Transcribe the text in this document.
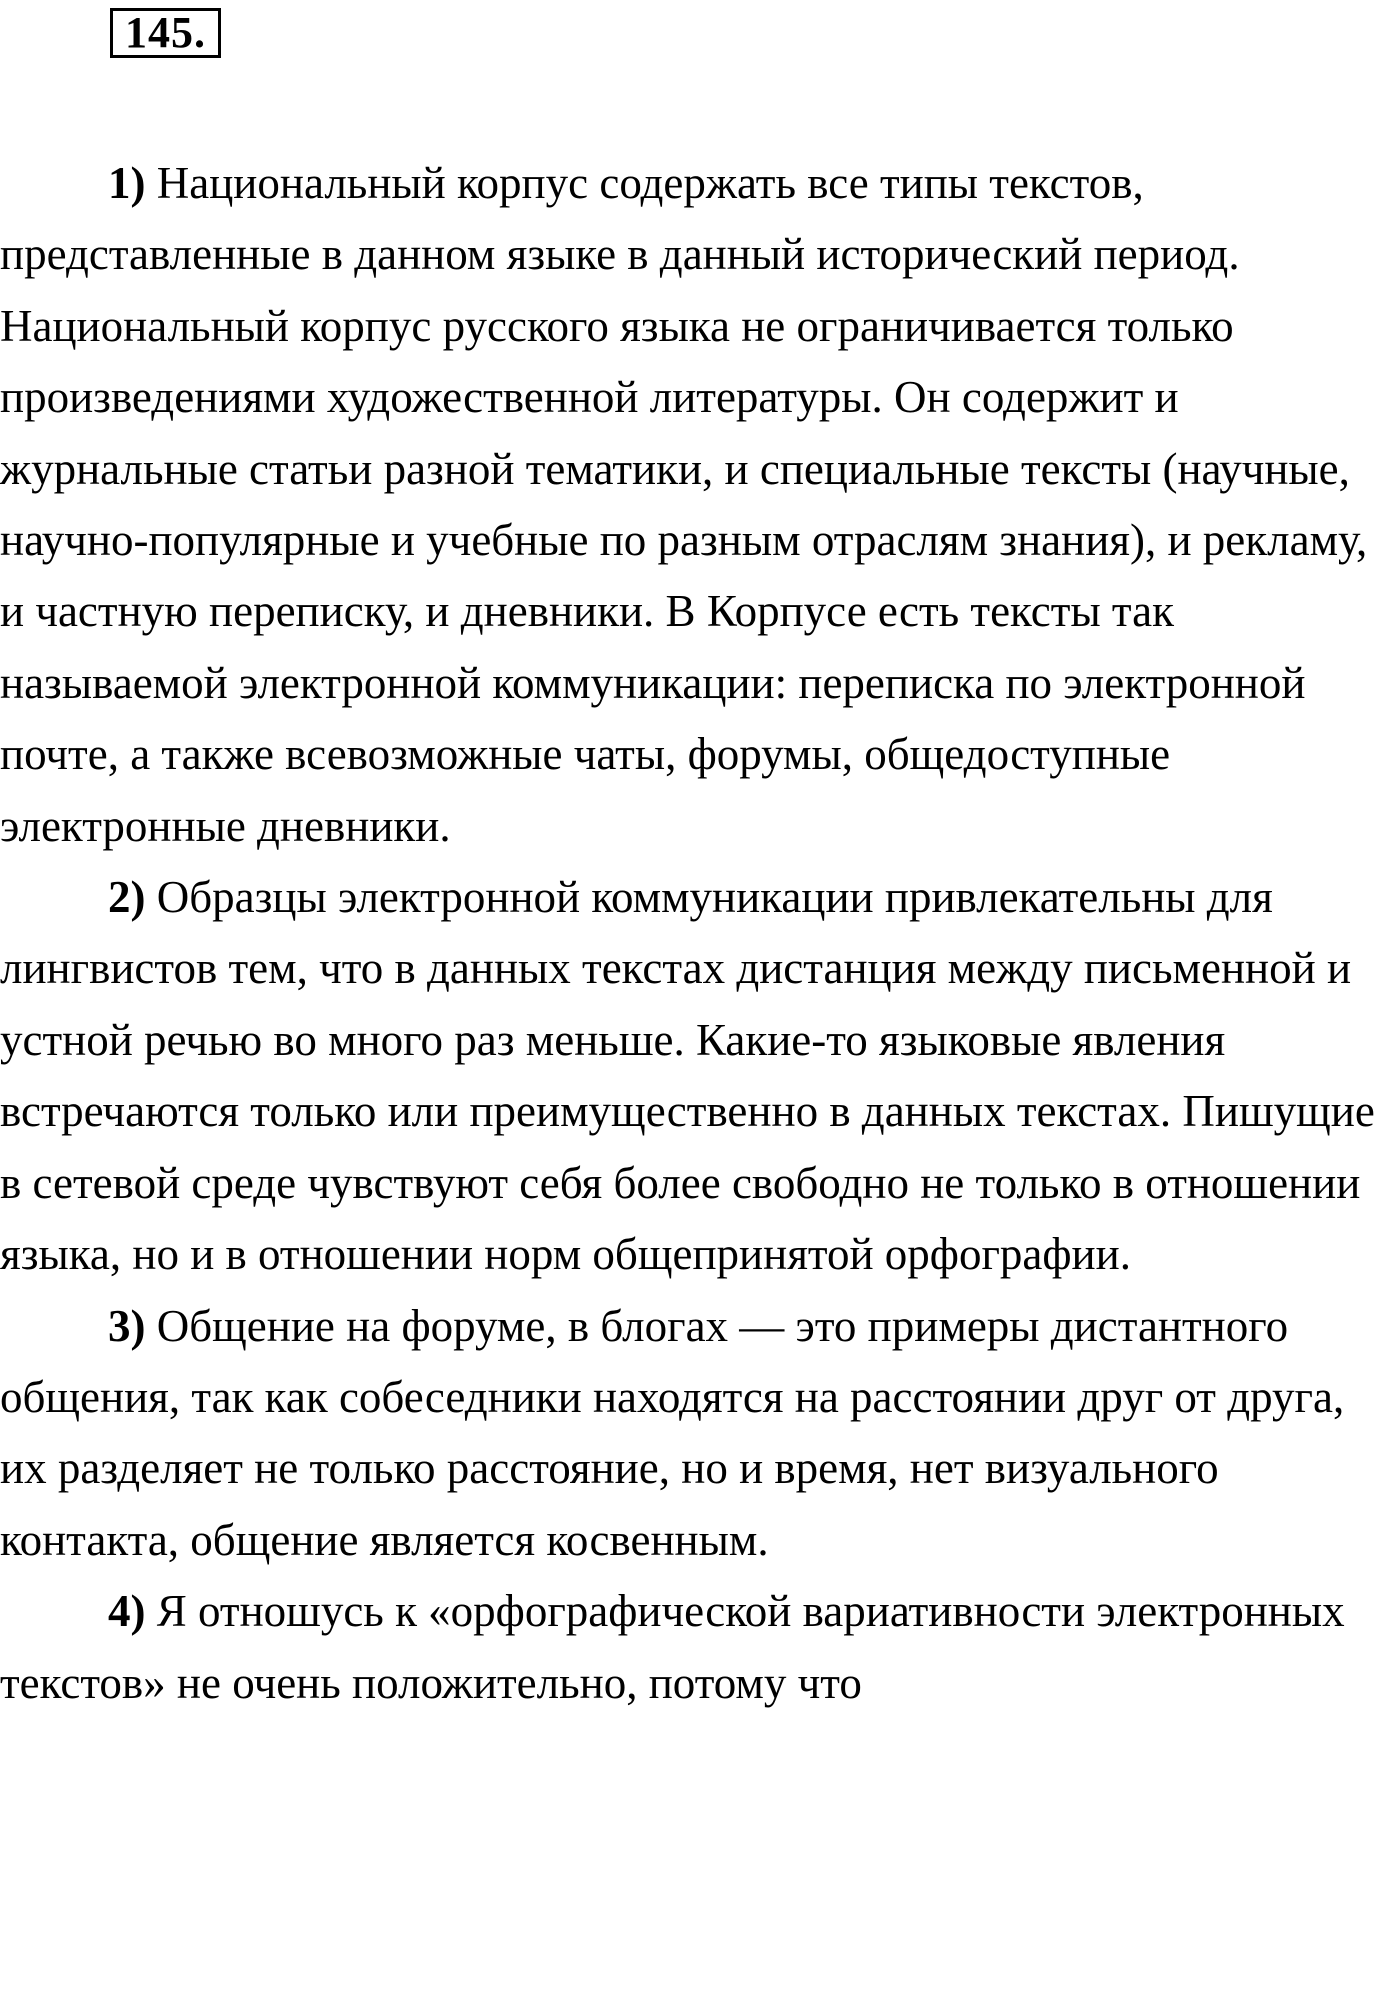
145.

1) Национальный корпус содержать все типы текстов, представленные в данном языке в данный исторический период. Национальный корпус русского языка не ограничивается только произведениями художественной литературы. Он содержит и журнальные статьи разной тематики, и специальные тексты (научные, научно-популярные и учебные по разным отраслям знания), и рекламу, и частную переписку, и дневники. В Корпусе есть тексты так называемой электронной коммуникации: переписка по электронной почте, а также всевозможные чаты, форумы, общедоступные электронные дневники.

2) Образцы электронной коммуникации привлекательны для лингвистов тем, что в данных текстах дистанция между письменной и устной речью во много раз меньше. Какие-то языковые явления встречаются только или преимущественно в данных текстах. Пишущие в сетевой среде чувствуют себя более свободно не только в отношении языка, но и в отношении норм общепринятой орфографии.

3) Общение на форуме, в блогах — это примеры дистантного общения, так как собеседники находятся на расстоянии друг от друга, их разделяет не только расстояние, но и время, нет визуального контакта, общение является косвенным.

4) Я отношусь к «орфографической вариативности электронных текстов» не очень положительно, потому что
